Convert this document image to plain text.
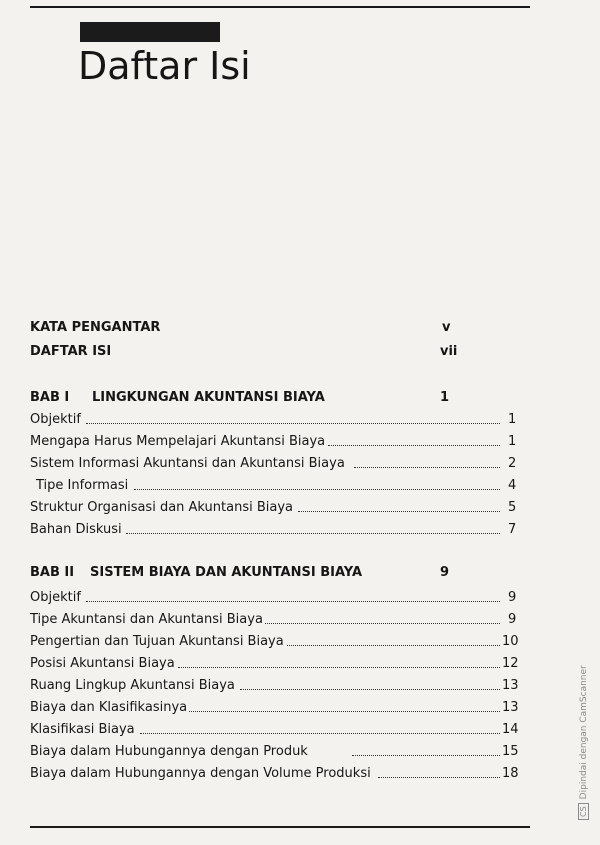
Daftar Isi
KATA PENGANTAR	v
DAFTAR ISI	vii
BAB I LINGKUNGAN AKUNTANSI BIAYA	1
Objektif	1
Mengapa Harus Mempelajari Akuntansi Biaya	1
Sistem Informasi Akuntansi dan Akuntansi Biaya	2
Tipe Informasi	4
Struktur Organisasi dan Akuntansi Biaya	5
Bahan Diskusi	7
BAB II SISTEM BIAYA DAN AKUNTANSI BIAYA	9
Objektif	9
Tipe Akuntansi dan Akuntansi Biaya	9
Pengertian dan Tujuan Akuntansi Biaya	10
Posisi Akuntansi Biaya	12
Ruang Lingkup Akuntansi Biaya	13
Biaya dan Klasifikasinya	13
Klasifikasi Biaya	14
Biaya dalam Hubungannya dengan Produk	15
Biaya dalam Hubungannya dengan Volume Produksi	18
CSDipindai dengan CamScanner
